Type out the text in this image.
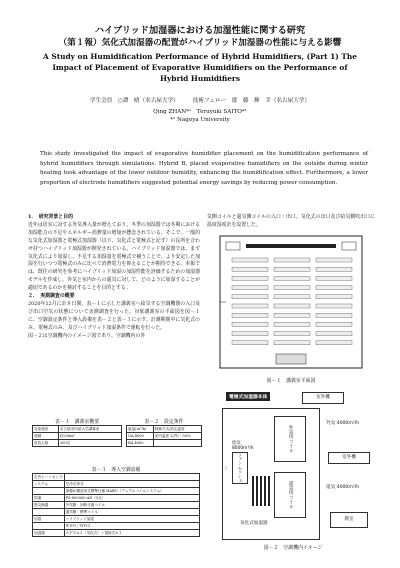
ハイブリッド加湿器における加湿性能に関する研究
（第１報）気化式加湿器の配置がハイブリッド加湿器の性能に与える影響
A Study on Humidification Performance of Hybrid Humidifiers, (Part 1) The Impact of Placement of Evaporative Humidifiers on the Performance of Hybrid Humidifiers
学生会員　○譚　晴（名古屋大学）　　　技術フェロー　齋　藤　輝　幸（名古屋大学）
Qing ZHAN*¹　Teruyuki SAITO*¹
*¹ Nagoya University
This study investigated the impact of evaporative humidifier placement on the humidification performance of hybrid humidifiers through simulations. Hybrid B, placed evaporative humidifiers on the outside during winter heating took advantage of the lower outdoor humidity, enhancing the humidification effect. Furthermore, a lower proportion of electrode humidifiers suggested potential energy savings by reducing power consumption.
1．　研究背景と目的
近年は居室に対する外気導入量が増えており、冬季の加湿器では冬期における加湿能力の不足やエネルギー消費量の増加が懸念されている。そこで、一般的な気化式加湿器と電極式加湿器（以下、気化式と電極式と記す）の長所を合わせ持つハイブリッド加湿器が開発されている。ハイブリッド加湿器では、まず気化式により加湿し、不足する加湿量を電極式で補うことで、より安定した加湿を行いつつ電極式のみに比べて消費電力を抑えることが期待できる。本報では、既往の研究を参考にハイブリッド加湿の加湿性能を評価するための加湿器モデルを作成し、外気と室内からの還気に対して、どのように加湿することが適切であるのかを検討することを目的とする。
２．　実測調査の概要
2020年12月に計８日間、表－１に示した講義室へ給気する空調機器の入口及び出口空気の状態について実測調査を行った。対象講義室の平面図を図－１に、空調設定条件と導入設備を表－２と表－３に示す。計測期間中に気化式のみ、電極式のみ、及びハイブリッド加湿条件で運転を行った。
図－２は空調機内のイメージ図であり、空調機内の外
表－１　講義室概要
対象施設	名古屋市内某大学講義室
面積	約256m²
収容人数	200名
表－２　設定条件
風量(m³/h)	制御方式/設定温度
OA 4000	室内温度 22℃・50%
RA 4000	
表－３　導入空調設備
空冷ヒートポンプ	
システム	空冷式単式
	滑順が構造形式標準仕様 HARU（デュアルコイルシステム）
型番	PS-800000-AD（1台）
熱交換器	外気側：回路分割コイル
	還気側：標準コイル
加湿	ハイブリッド加湿
	ＷＨＯ／ＷＲＧ
加湿器	ＡＰＸ×２（気化式）＋電極式×１
気側コイルと還気側コイルの入口・出口、気化式の出口及び給気側吹出口に温度湿度計を設置した。
図－１　講義室平面図
電極式加湿器本体	室外機
外気用コイル
外気 4000m³/h
ファン セクション
給気 8000m³/h
還気用コイル	還気 4000m³/h
室外機
気化式加湿器
教室
図－２　空調機内イメージ
